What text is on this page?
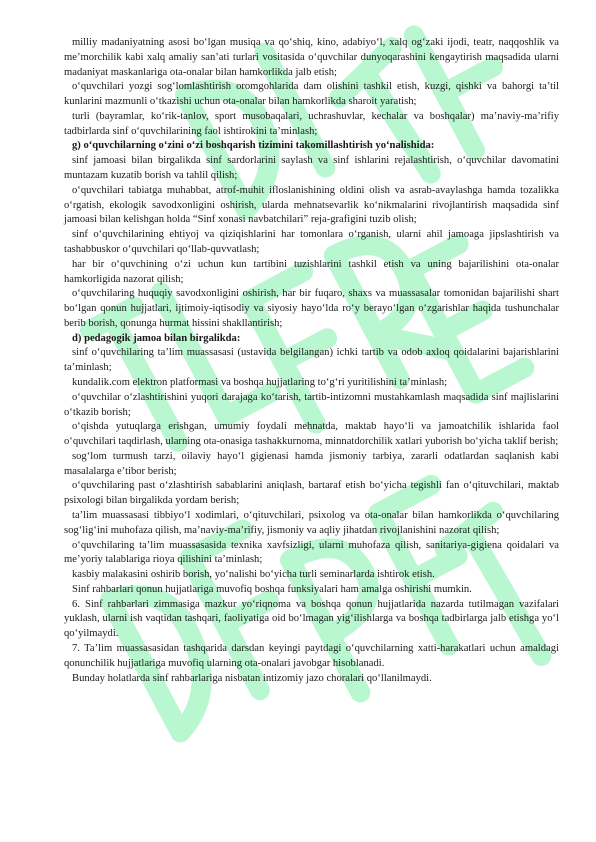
milliy madaniyatning asosi bo‘lgan musiqa va qo‘shiq, kino, adabiyo‘l, xalq og‘zaki ijodi, teatr, naqqoshlik va me’morchilik kabi xalq amaliy san’ati turlari vositasida o‘quvchilar dunyoqarashini kengaytirish maqsadida ularni madaniyat maskanlariga ota-onalar bilan hamkorlikda jalb etish;

o‘quvchilari yozgi sog‘lomlashtirish oromgohlarida dam olishini tashkil etish, kuzgi, qishki va bahorgi ta’til kunlarini mazmunli o‘tkazishi uchun ota-onalar bilan hamkorlikda sharoit yaratish;

turli (bayramlar, ko‘rik-tanlov, sport musobaqalari, uchrashuvlar, kechalar va boshqalar) ma’naviy-ma’rifiy tadbirlarda sinf o‘quvchilarining faol ishtirokini ta’minlash;

g) o‘quvchilarning o‘zini o‘zi boshqarish tizimini takomillashtirish yo‘nalishida:

sinf jamoasi bilan birgalikda sinf sardorlarini saylash va sinf ishlarini rejalashtirish, o‘quvchilar davomatini muntazam kuzatib borish va tahlil qilish;

o‘quvchilari tabiatga muhabbat, atrof-muhit ifloslanishining oldini olish va asrab-avaylashga hamda tozalikka o‘rgatish, ekologik savodxonligini oshirish, ularda mehnatsevarlik ko‘nikmalarini rivojlantirish maqsadida sinf jamoasi bilan kelishgan holda “Sinf xonasi navbatchilari” reja-grafigini tuzib olish;

sinf o‘quvchilarining ehtiyoj va qiziqishlarini har tomonlara o‘rganish, ularni ahil jamoaga jipslashtirish va tashabbuskor o‘quvchilari qo‘llab-quvvatlash;

har bir o‘quvchining o‘zi uchun kun tartibini tuzishlarini tashkil etish va uning bajarilishini ota-onalar hamkorligida nazorat qilish;

o‘quvchilaring huquqiy savodxonligini oshirish, har bir fuqaro, shaxs va muassasalar tomonidan bajarilishi shart bo‘lgan qonun hujjatlari, ijtimoiy-iqtisodiy va siyosiy hayo‘lda ro‘y berayo‘lgan o‘zgarishlar haqida tushunchalar berib borish, qonunga hurmat hissini shakllantirish;

d) pedagogik jamoa bilan birgalikda:

sinf o‘quvchilaring ta’lim muassasasi (ustavida belgilangan) ichki tartib va odob axloq qoidalarini bajarishlarini ta’minlash;

kundalik.com elektron platformasi va boshqa hujjatlaring to‘g‘ri yuritilishini ta’minlash;

o‘quvchilar o‘zlashtirishini yuqori darajaga ko‘tarish, tartib-intizomni mustahkamlash maqsadida sinf majlislarini o‘tkazib borish;

o‘qishda yutuqlarga erishgan, umumiy foydali mehnatda, maktab hayo‘li va jamoatchilik ishlarida faol o‘quvchilari taqdirlash, ularning ota-onasiga tashakkurnoma, minnatdorchilik xatlari yuborish bo‘yicha taklif berish;

sog‘lom turmush tarzi, oilaviy hayo‘l gigienasi hamda jismoniy tarbiya, zararli odatlardan saqlanish kabi masalalarga e’tibor berish;

o‘quvchilaring past o‘zlashtirish sabablarini aniqlash, bartaraf etish bo‘yicha tegishli fan o‘qituvchilari, maktab psixologi bilan birgalikda yordam berish;

ta’lim muassasasi tibbiyo‘l xodimlari, o‘qituvchilari, psixolog va ota-onalar bilan hamkorlikda o‘quvchilaring sog‘lig‘ini muhofaza qilish, ma’naviy-ma’rifiy, jismoniy va aqliy jihatdan rivojlanishini nazorat qilish;

o‘quvchilaring ta’lim muassasasida texnika xavfsizligi, ularni muhofaza qilish, sanitariya-gigiena qoidalari va me’yoriy talablariga rioya qilishini ta’minlash;

kasbiy malakasini oshirib borish, yo‘nalishi bo‘yicha turli seminarlarda ishtirok etish.

Sinf rahbarlari qonun hujjatlariga muvofiq boshqa funksiyalari ham amalga oshirishi mumkin.

6. Sinf rahbarlari zimmasiga mazkur yo‘riqnoma va boshqa qonun hujjatlarida nazarda tutilmagan vazifalari yuklash, ularni ish vaqtidan tashqari, faoliyatiga oid bo‘lmagan yig‘ilishlarga va boshqa tadbirlarga jalb etishga yo‘l qo‘yilmaydi.

7. Ta’lim muassasasidan tashqarida darsdan keyingi paytdagi o‘quvchilarning xatti-harakatlari uchun amaldagi qonunchilik hujjatlariga muvofiq ularning ota-onalari javobgar hisoblanadi.

Bunday holatlarda sinf rahbarlariga nisbatan intizomiy jazo choralari qo‘llanilmaydi.
